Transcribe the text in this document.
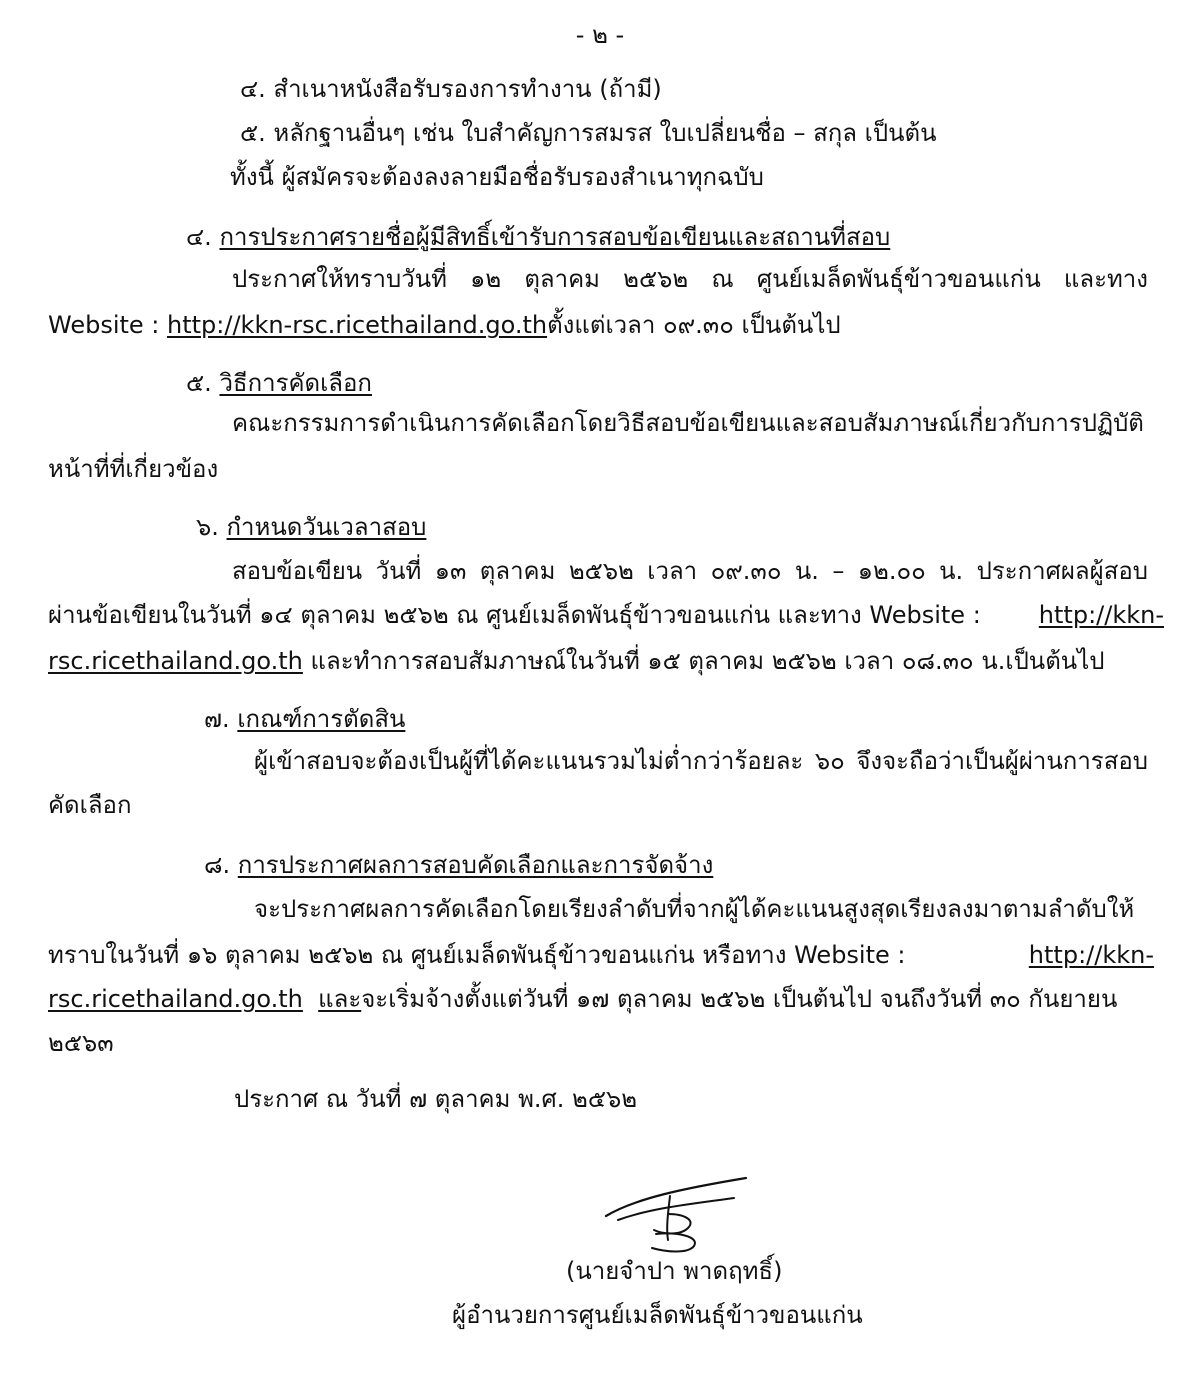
- ๒ -
๔. สำเนาหนังสือรับรองการทำงาน (ถ้ามี)
๕. หลักฐานอื่นๆ เช่น ใบสำคัญการสมรส ใบเปลี่ยนชื่อ – สกุล เป็นต้น
ทั้งนี้ ผู้สมัครจะต้องลงลายมือชื่อรับรองสำเนาทุกฉบับ
๔. การประกาศรายชื่อผู้มีสิทธิ์เข้ารับการสอบข้อเขียนและสถานที่สอบ
ประกาศให้ทราบวันที่ ๑๒ ตุลาคม ๒๕๖๒ ณ ศูนย์เมล็ดพันธุ์ข้าวขอนแก่น และทาง
Website : http://kkn-rsc.ricethailand.go.thตั้งแต่เวลา ๐๙.๓๐ เป็นต้นไป
๕. วิธีการคัดเลือก
คณะกรรมการดำเนินการคัดเลือกโดยวิธีสอบข้อเขียนและสอบสัมภาษณ์เกี่ยวกับการปฏิบัติ
หน้าที่ที่เกี่ยวข้อง
๖. กำหนดวันเวลาสอบ
สอบข้อเขียน วันที่ ๑๓ ตุลาคม ๒๕๖๒ เวลา ๐๙.๓๐ น. – ๑๒.๐๐ น. ประกาศผลผู้สอบ
ผ่านข้อเขียนในวันที่ ๑๔ ตุลาคม ๒๕๖๒ ณ ศูนย์เมล็ดพันธุ์ข้าวขอนแก่น และทาง Website : http://kkn-
rsc.ricethailand.go.th และทำการสอบสัมภาษณ์ในวันที่ ๑๕ ตุลาคม ๒๕๖๒ เวลา ๐๘.๓๐ น.เป็นต้นไป
๗. เกณฑ์การตัดสิน
ผู้เข้าสอบจะต้องเป็นผู้ที่ได้คะแนนรวมไม่ต่ำกว่าร้อยละ ๖๐ จึงจะถือว่าเป็นผู้ผ่านการสอบ
คัดเลือก
๘. การประกาศผลการสอบคัดเลือกและการจัดจ้าง
จะประกาศผลการคัดเลือกโดยเรียงลำดับที่จากผู้ได้คะแนนสูงสุดเรียงลงมาตามลำดับให้
ทราบในวันที่ ๑๖ ตุลาคม ๒๕๖๒ ณ ศูนย์เมล็ดพันธุ์ข้าวขอนแก่น หรือทาง Website :	http://kkn-
rsc.ricethailand.go.th และจะเริ่มจ้างตั้งแต่วันที่ ๑๗ ตุลาคม ๒๕๖๒ เป็นต้นไป จนถึงวันที่ ๓๐ กันยายน
๒๕๖๓
ประกาศ ณ วันที่ ๗ ตุลาคม พ.ศ. ๒๕๖๒
(นายจำปา พาดฤทธิ์)
ผู้อำนวยการศูนย์เมล็ดพันธุ์ข้าวขอนแก่น
